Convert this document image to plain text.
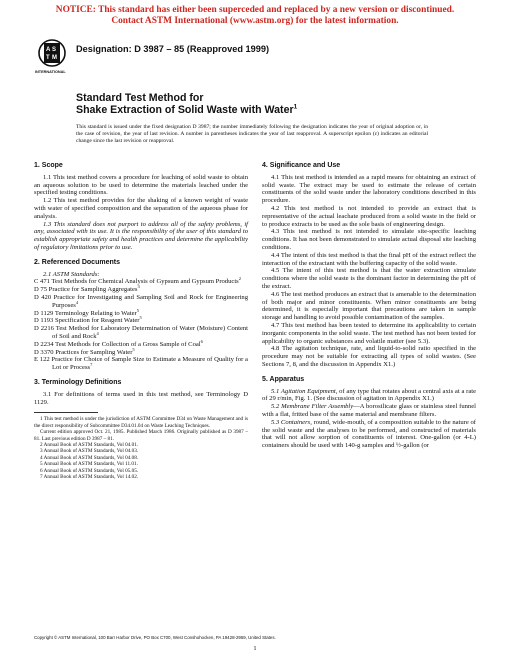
NOTICE: This standard has either been superceded and replaced by a new version or discontinued.
Contact ASTM International (www.astm.org) for the latest information.
A S
T M
INTERNATIONAL
Designation: D 3987 – 85 (Reapproved 1999)
Standard Test Method for
Shake Extraction of Solid Waste with Water$^1$
This standard is issued under the fixed designation D 3987; the number immediately following the designation indicates the year of original adoption or, in the case of revision, the year of last revision. A number in parentheses indicates the year of last reapproval. A superscript epsilon (ε) indicates an editorial change since the last revision or reapproval.
1. Scope

1.1 This test method covers a procedure for leaching of solid waste to obtain an aqueous solution to be used to determine the materials leached under the specified testing conditions.

1.2 This test method provides for the shaking of a known weight of waste with water of specified composition and the separation of the aqueous phase for analysis.

1.3 This standard does not purport to address all of the safety problems, if any, associated with its use. It is the responsibility of the user of this standard to establish appropriate safety and health practices and determine the applicability of regulatory limitations prior to use.

2. Referenced Documents

2.1 ASTM Standards:

C 471 Test Methods for Chemical Analysis of Gypsum and Gypsum Products$^2$

D 75 Practice for Sampling Aggregates$^3$

D 420 Practice for Investigating and Sampling Soil and Rock for Engineering Purposes$^4$

D 1129 Terminology Relating to Water$^5$

D 1193 Specification for Reagent Water$^5$

D 2216 Test Method for Laboratory Determination of Water (Moisture) Content of Soil and Rock$^4$

D 2234 Test Methods for Collection of a Gross Sample of Coal$^6$

D 3370 Practices for Sampling Water$^5$

E 122 Practice for Choice of Sample Size to Estimate a Measure of Quality for a Lot or Process$^7$

3. Terminology Definitions

3.1 For definitions of terms used in this test method, see Terminology D 1129.

1 This test method is under the jurisdiction of ASTM Committee D34 on Waste Management and is the direct responsibility of Subcommittee D34.01.04 on Waste Leaching Techniques.

Current edition approved Oct. 21, 1985. Published March 1986. Originally published as D 3987 – 81. Last previous edition D 3987 – 81.

2 Annual Book of ASTM Standards, Vol 04.01.

3 Annual Book of ASTM Standards, Vol 04.03.

4 Annual Book of ASTM Standards, Vol 04.08.

5 Annual Book of ASTM Standards, Vol 11.01.

6 Annual Book of ASTM Standards, Vol 05.05.

7 Annual Book of ASTM Standards, Vol 14.02.

4. Significance and Use

4.1 This test method is intended as a rapid means for obtaining an extract of solid waste. The extract may be used to estimate the release of certain constituents of the solid waste under the laboratory conditions described in this procedure.

4.2 This test method is not intended to provide an extract that is representative of the actual leachate produced from a solid waste in the field or to produce extracts to be used as the sole basis of engineering design.

4.3 This test method is not intended to simulate site-specific leaching conditions. It has not been demonstrated to simulate actual disposal site leaching conditions.

4.4 The intent of this test method is that the final pH of the extract reflect the interaction of the extractant with the buffering capacity of the solid waste.

4.5 The intent of this test method is that the water extraction simulate conditions where the solid waste is the dominant factor in determining the pH of the extract.

4.6 The test method produces an extract that is amenable to the determination of both major and minor constituents. When minor constituents are being determined, it is especially important that precautions are taken in sample storage and handling to avoid possible contamination of the samples.

4.7 This test method has been tested to determine its applicability to certain inorganic components in the solid waste. The test method has not been tested for applicability to organic substances and volatile matter (see 5.3).

4.8 The agitation technique, rate, and liquid-to-solid ratio specified in the procedure may not be suitable for extracting all types of solid wastes. (See Sections 7, 8, and the discussion in Appendix X1.)

5. Apparatus

5.1 Agitation Equipment, of any type that rotates about a central axis at a rate of 29 r/min, Fig. 1. (See discussion of agitation in Appendix X1.)

5.2 Membrane Filter Assembly—A borosilicate glass or stainless steel funnel with a flat, fritted base of the same material and membrane filters.

5.3 Containers, round, wide-mouth, of a composition suitable to the nature of the solid waste and the analyses to be performed, and constructed of materials that will not allow sorption of constituents of interest. One-gallon (or 4-L) containers should be used with 140-g samples and ½-gallon (or

Copyright © ASTM International, 100 Barr Harbor Drive, PO Box C700, West Conshohocken, PA 19428-2959, United States.
1
